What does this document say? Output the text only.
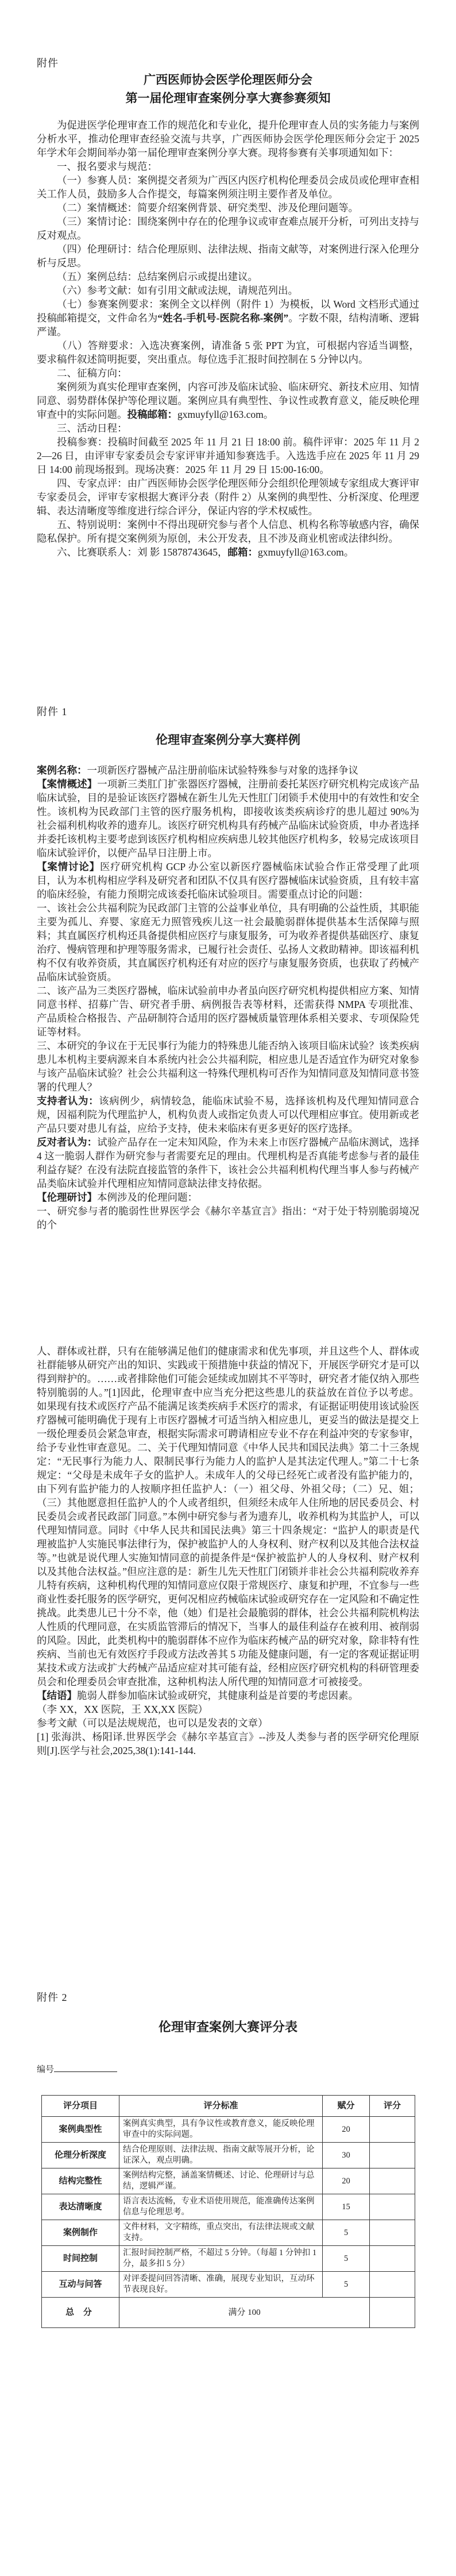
附件
广西医师协会医学伦理医师分会
第一届伦理审查案例分享大赛参赛须知

为促进医学伦理审查工作的规范化和专业化，提升伦理审查人员的实务能力与案例分析水平，推动伦理审查经验交流与共享，广西医师协会医学伦理医师分会定于 2025 年学术年会期间举办第一届伦理审查案例分享大赛。现将参赛有关事项通知如下：

一、报名要求与规范：

（一）参赛人员：案例提交者须为广西区内医疗机构伦理委员会成员或伦理审查相关工作人员，鼓励多人合作提交，每篇案例须注明主要作者及单位。

（二）案情概述：简要介绍案例背景、研究类型、涉及伦理问题等。

（三）案情讨论：围绕案例中存在的伦理争议或审查难点展开分析，可列出支持与反对观点。

（四）伦理研讨：结合伦理原则、法律法规、指南文献等，对案例进行深入伦理分析与反思。

（五）案例总结：总结案例启示或提出建议。

（六）参考文献：如有引用文献或法规，请规范列出。

（七）参赛案例要求：案例全文以样例（附件 1）为模板，以 Word 文档形式通过投稿邮箱提交，文件命名为“姓名-手机号-医院名称-案例”。字数不限，结构清晰、逻辑严谨。

（八）答辩要求：入选决赛案例，请准备 5 张 PPT 为宜，可根据内容适当调整，要求稿件叙述简明扼要，突出重点。每位选手汇报时间控制在 5 分钟以内。

二、征稿方向：

案例须为真实伦理审查案例，内容可涉及临床试验、临床研究、新技术应用、知情同意、弱势群体保护等伦理议题。案例应具有典型性、争议性或教育意义，能反映伦理审查中的实际问题。投稿邮箱：gxmuyfyll@163.com。

三、活动日程：

投稿参赛：投稿时间截至 2025 年 11 月 21 日 18:00 前。稿件评审：2025 年 11 月 22—26 日，由评审专家委员会专家评审并通知参赛选手。入选选手应在 2025 年 11 月 29 日 14:00 前现场报到。现场决赛：2025 年 11 月 29 日 15:00-16:00。

四、专家点评：由广西医师协会医学伦理医师分会组织伦理领域专家组成大赛评审专家委员会，评审专家根据大赛评分表（附件 2）从案例的典型性、分析深度、伦理逻辑、表达清晰度等维度进行综合评分，保证内容的学术权威性。

五、特别说明：案例中不得出现研究参与者个人信息、机构名称等敏感内容，确保隐私保护。所有提交案例须为原创，未公开发表，且不涉及商业机密或法律纠纷。

六、比赛联系人：刘 影 15878743645，邮箱：gxmuyfyll@163.com。

附件 1
伦理审查案例分享大赛样例

案例名称：一项新医疗器械产品注册前临床试验特殊参与对象的选择争议

【案情概述】一项新三类肛门扩张器医疗器械，注册前委托某医疗研究机构完成该产品临床试验，目的是验证该医疗器械在新生儿先天性肛门闭锁手术使用中的有效性和安全性。该机构为民政部门主管的医疗服务机构，即接收该类疾病诊疗的患儿超过 90%为社会福利机构收养的遗弃儿。该医疗研究机构具有药械产品临床试验资质，申办者选择并委托该机构主要考虑到该医疗机构相应疾病患儿较其他医疗机构多，较易完成该项目临床试验评价，以便产品早日注册上市。

【案情讨论】医疗研究机构 GCP 办公室以新医疗器械临床试验合作正常受理了此项目，认为本机构相应学科及研究者和团队不仅具有医疗器械临床试验资质，且有较丰富的临床经验，有能力预期完成该委托临床试验项目。需要重点讨论的问题：

一、该社会公共福利院为民政部门主管的公益事业单位，具有明确的公益性质，其职能主要为孤儿、弃婴、家庭无力照管残疾儿这一社会最脆弱群体提供基本生活保障与照料；其直属医疗机构还具备提供相应医疗与康复服务，可为收养者提供基础医疗、康复治疗、慢病管理和护理等服务需求，已履行社会责任、弘扬人文救助精神。即该福利机构不仅有收养资质，其直属医疗机构还有对应的医疗与康复服务资质，也获取了药械产品临床试验资质。

二、该产品为三类医疗器械，临床试验前申办者虽向医疗研究机构提供相应方案、知情同意书样、招募广告、研究者手册、病例报告表等材料，还需获得 NMPA 专项批准、产品质检合格报告、产品研制符合适用的医疗器械质量管理体系相关要求、专项保险凭证等材料。

三、本研究的争议在于无民事行为能力的特殊患儿能否纳入该项目临床试验？该类疾病患儿本机构主要病源来自本系统内社会公共福利院，相应患儿是否适宜作为研究对象参与该产品临床试验？社会公共福利这一特殊代理机构可否作为知情同意及知情同意书签署的代理人？

支持者认为：该病例少，病情较急，能临床试验不易，选择该机构及代理知情同意合规，因福利院为代理监护人，机构负责人或指定负责人可以代理相应事宜。使用新或老产品只要对患儿有益，应给予支持，使未来临床有更多更好的医疗选择。

反对者认为：试验产品存在一定未知风险，作为未来上市医疗器械产品临床测试，选择 4 这一脆弱人群作为研究参与者需要充足的理由。代理机构是否真能考虑参与者的最佳利益存疑？在没有法院直接监管的条件下，该社会公共福利机构代理当事人参与药械产品类临床试验并代理相应知情同意缺法律支持依据。

【伦理研讨】本例涉及的伦理问题：

一、研究参与者的脆弱性世界医学会《赫尔辛基宣言》指出：“对于处于特别脆弱境况的个

人、群体或社群，只有在能够满足他们的健康需求和优先事项，并且这些个人、群体或社群能够从研究产出的知识、实践或干预措施中获益的情况下，开展医学研究才是可以得到辩护的。……或者排除他们可能会延续或加剧其不平等时，研究者才能仅纳入那些特别脆弱的人。”[1]因此，伦理审查中应当充分把这些患儿的获益放在首位予以考虑。如果现有技术或医疗产品不能满足该类疾病手术医疗的需求，有证据证明使用该试验医疗器械可能明确优于现有上市医疗器械才可适当纳入相应患儿，更妥当的做法是提交上一级伦理委员会紧急审查，根据实际需求可聘请相应专业不存在利益冲突的专家参审，给予专业性审查意见。二、关于代理知情同意《中华人民共和国民法典》第二十三条规定：“无民事行为能力人、限制民事行为能力人的监护人是其法定代理人。”第二十七条规定：“父母是未成年子女的监护人。未成年人的父母已经死亡或者没有监护能力的，由下列有监护能力的人按顺序担任监护人：（一）祖父母、外祖父母；（二）兄、姐；（三）其他愿意担任监护人的个人或者组织，但须经未成年人住所地的居民委员会、村民委员会或者民政部门同意。”本例中研究参与者为遗弃儿，收养机构为其监护人，可以代理知情同意。同时《中华人民共和国民法典》第三十四条规定：“监护人的职责是代理被监护人实施民事法律行为，保护被监护人的人身权利、财产权利以及其他合法权益等。”也就是说代理人实施知情同意的前提条件是“保护被监护人的人身权利、财产权利以及其他合法权益。”但应注意的是：新生儿先天性肛门闭锁并非社会公共福利院收养弃儿特有疾病，这种机构代理的知情同意应仅限于常规医疗、康复和护理，不宜参与一些商业性委托服务的医学研究，更何况相应药械临床试验或研究存在一定风险和不确定性挑战。此类患儿已十分不幸，他（她）们是社会最脆弱的群体，社会公共福利院机构法人性质的代理同意，在实质监管滞后的情况下，当事人的最佳利益存在被利用、被削弱的风险。因此，此类机构中的脆弱群体不应作为临床药械产品的研究对象，除非特有性疾病、当前也无有效医疗手段或方法改善其 5 功能及健康问题，有一定的客观证据证明某技术或方法或扩大药械产品适应症对其可能有益，经相应医疗研究机构的科研管理委员会和伦理委员会审查批准，这种机构法人所代理的知情同意才可被接受。

【结语】脆弱人群参加临床试验或研究，其健康利益是首要的考虑因素。

（李 XX，XX 医院，王 XX,XX 医院）

参考文献（可以是法规规范，也可以是发表的文章）

[1] 张海洪、杨阳译.世界医学会《赫尔辛基宣言》--涉及人类参与者的医学研究伦理原则[J].医学与社会,2025,38(1):141-144.

附件 2
伦理审查案例大赛评分表
编号
评分项目	评分标准	赋分	评分
案例典型性	案例真实典型，具有争议性或教育意义，能反映伦理审查中的实际问题。	20	
伦理分析深度	结合伦理原则、法律法规、指南文献等展开分析，论证深入，观点明确。	30	
结构完整性	案例结构完整，涵盖案情概述、讨论、伦理研讨与总结，逻辑严谨。	20	
表达清晰度	语言表达流畅，专业术语使用规范，能准确传达案例信息与伦理思考。	15	
案例制作	文件材料，文字精练，重点突出，有法律法规或文献支持。	5	
时间控制	汇报时间控制严格，不超过 5 分钟。（每超 1 分钟扣 1 分，最多扣 5 分）	5	
互动与问答	对评委提问回答清晰、准确，展现专业知识，互动环节表现良好。	5	
总 分	满分 100		
